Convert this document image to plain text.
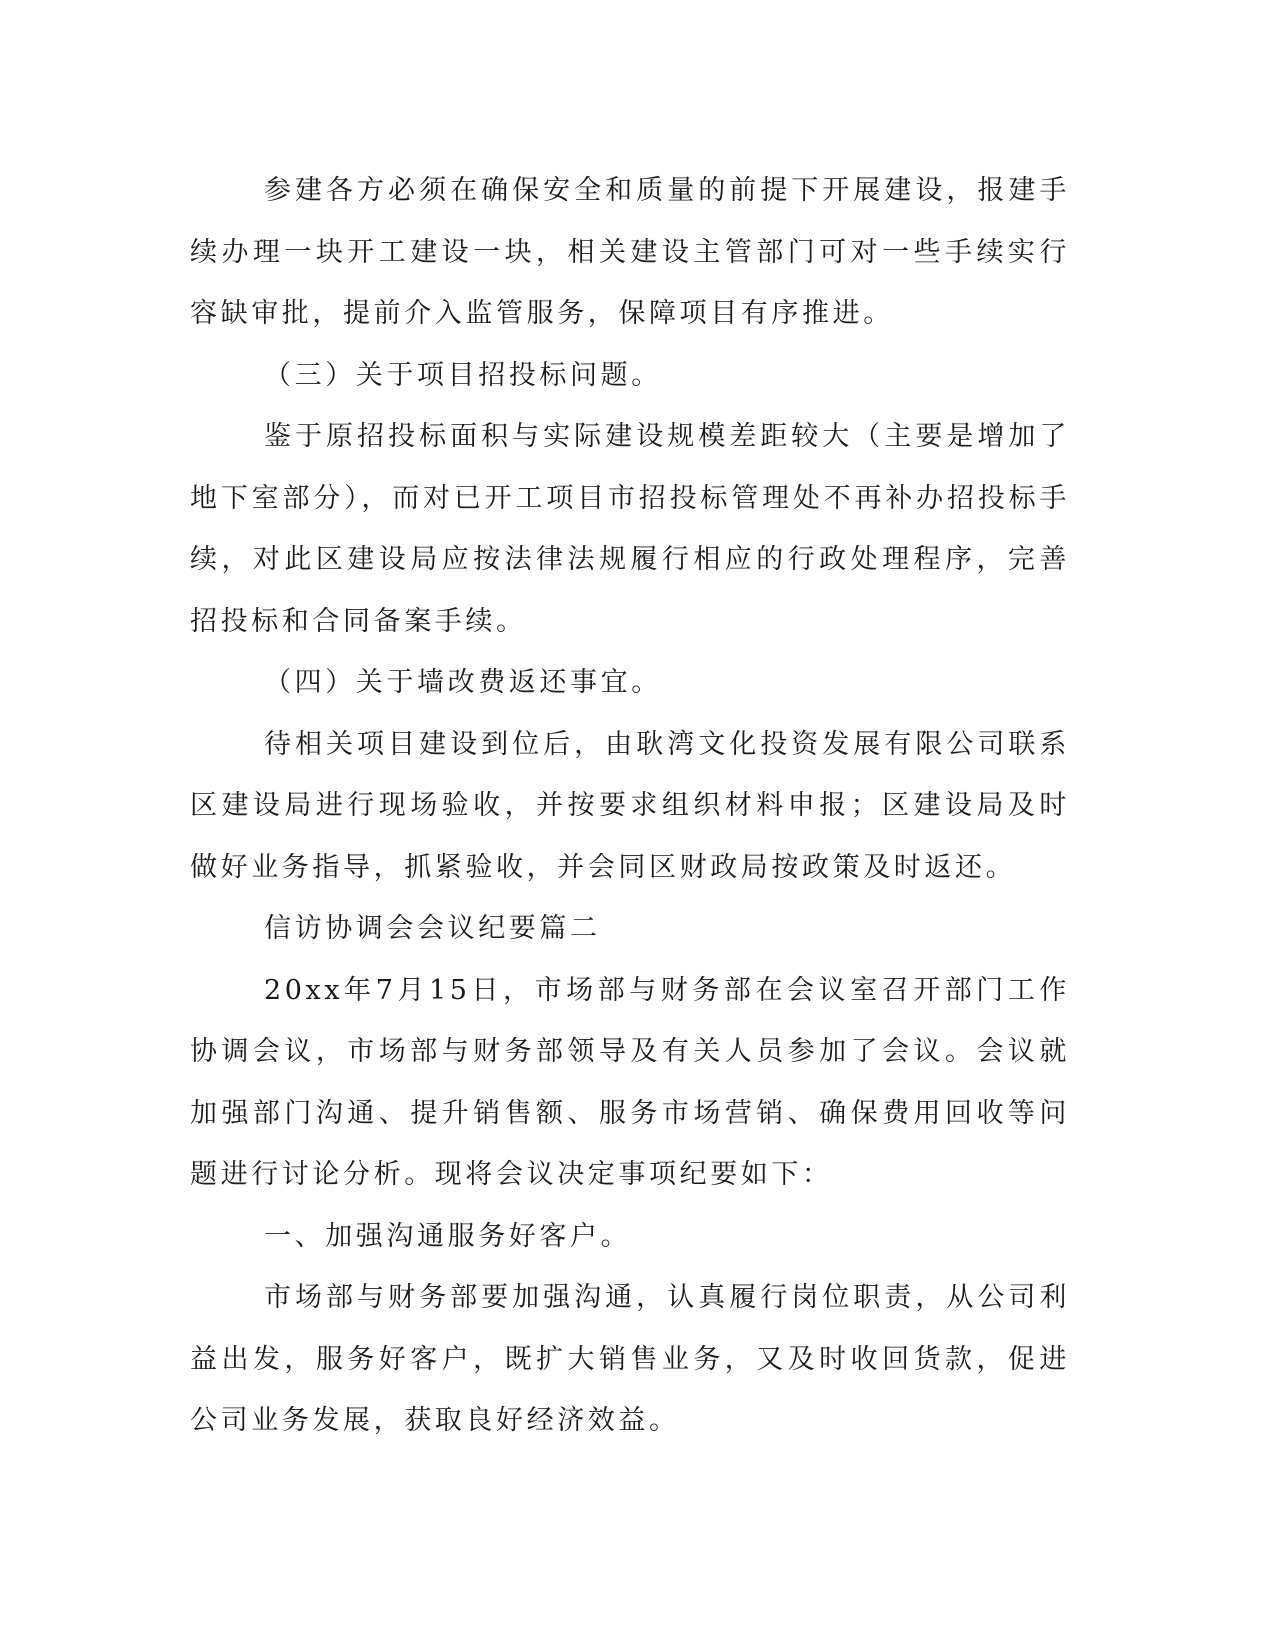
参建各方必须在确保安全和质量的前提下开展建设，报建手续办理一块开工建设一块，相关建设主管部门可对一些手续实行容缺审批，提前介入监管服务，保障项目有序推进。

（三）关于项目招投标问题。

鉴于原招投标面积与实际建设规模差距较大（主要是增加了地下室部分），而对已开工项目市招投标管理处不再补办招投标手续，对此区建设局应按法律法规履行相应的行政处理程序，完善招投标和合同备案手续。

（四）关于墙改费返还事宜。

待相关项目建设到位后，由耿湾文化投资发展有限公司联系区建设局进行现场验收，并按要求组织材料申报；区建设局及时做好业务指导，抓紧验收，并会同区财政局按政策及时返还。

信访协调会会议纪要篇二

20xx年7月15日，市场部与财务部在会议室召开部门工作协调会议，市场部与财务部领导及有关人员参加了会议。会议就加强部门沟通、提升销售额、服务市场营销、确保费用回收等问题进行讨论分析。现将会议决定事项纪要如下：

一、加强沟通服务好客户。

市场部与财务部要加强沟通，认真履行岗位职责，从公司利益出发，服务好客户，既扩大销售业务，又及时收回货款，促进公司业务发展，获取良好经济效益。
